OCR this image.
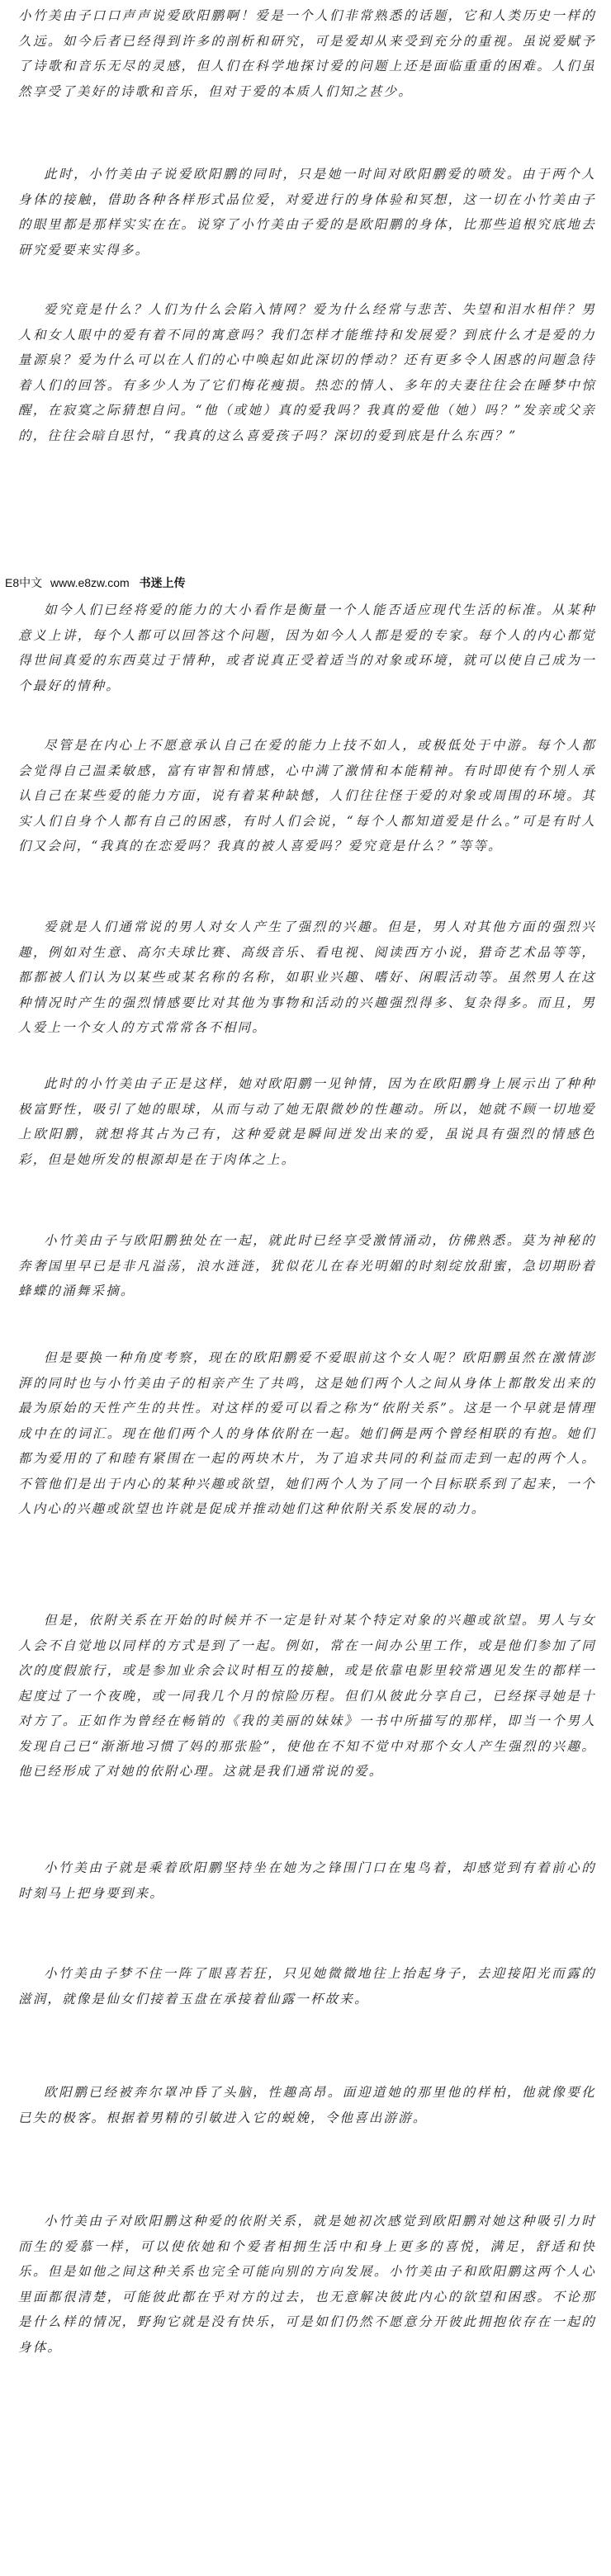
小竹美由子口口声声说爱欧阳鹏啊！爱是一个人们非常熟悉的话题，它和人类历史一样的久远。如今后者已经得到许多的剖析和研究，可是爱却从来受到充分的重视。虽说爱赋予了诗歌和音乐无尽的灵感，但人们在科学地探讨爱的问题上还是面临重重的困难。人们虽然享受了美好的诗歌和音乐，但对于爱的本质人们知之甚少。

此时，小竹美由子说爱欧阳鹏的同时，只是她一时间对欧阳鹏爱的喷发。由于两个人身体的接触，借助各种各样形式品位爱，对爱进行的身体验和冥想，这一切在小竹美由子的眼里都是那样实实在在。说穿了小竹美由子爱的是欧阳鹏的身体，比那些追根究底地去研究爱要来实得多。

爱究竟是什么？人们为什么会陷入情网？爱为什么经常与悲苦、失望和泪水相伴？男人和女人眼中的爱有着不同的寓意吗？我们怎样才能维持和发展爱？到底什么才是爱的力量源泉？爱为什么可以在人们的心中唤起如此深切的悸动？还有更多令人困惑的问题急待着人们的回答。有多少人为了它们梅花瘦损。热恋的情人、多年的夫妻往往会在睡梦中惊醒，在寂寞之际猜想自问。“他（或她）真的爱我吗？我真的爱他（她）吗？”发亲或父亲的，往往会暗自思忖，“我真的这么喜爱孩子吗？深切的爱到底是什么东西？”

E8中文 www.e8zw.com 书迷上传

如今人们已经将爱的能力的大小看作是衡量一个人能否适应现代生活的标准。从某种意义上讲，每个人都可以回答这个问题，因为如今人人都是爱的专家。每个人的内心都觉得世间真爱的东西莫过于情种，或者说真正受着适当的对象或环境，就可以使自己成为一个最好的情种。

尽管是在内心上不愿意承认自己在爱的能力上技不如人，或极低处于中游。每个人都会觉得自己温柔敏感，富有审智和情感，心中满了激情和本能精神。有时即使有个别人承认自己在某些爱的能力方面，说有着某种缺憾，人们往往怪于爱的对象或周围的环境。其实人们自身个人都有自己的困惑，有时人们会说，“每个人都知道爱是什么。”可是有时人们又会问，“我真的在恋爱吗？我真的被人喜爱吗？爱究竟是什么？”等等。

爱就是人们通常说的男人对女人产生了强烈的兴趣。但是，男人对其他方面的强烈兴趣，例如对生意、高尔夫球比赛、高级音乐、看电视、阅读西方小说，猎奇艺术品等等，都都被人们认为以某些或某名称的名称，如职业兴趣、嗜好、闲暇活动等。虽然男人在这种情况时产生的强烈情感要比对其他为事物和活动的兴趣强烈得多、复杂得多。而且，男人爱上一个女人的方式常常各不相同。

此时的小竹美由子正是这样，她对欧阳鹏一见钟情，因为在欧阳鹏身上展示出了种种极富野性，吸引了她的眼球，从而与动了她无限微妙的性趣动。所以，她就不顾一切地爱上欧阳鹏，就想将其占为己有，这种爱就是瞬间迸发出来的爱，虽说具有强烈的情感色彩，但是她所发的根源却是在于肉体之上。

小竹美由子与欧阳鹏独处在一起，就此时已经享受激情涌动，仿佛熟悉。莫为神秘的奔奢国里早已是非凡溢荡，浪水涟涟，犹似花儿在春光明媚的时刻绽放甜蜜，急切期盼着蜂蝶的涌舞采摘。

但是要换一种角度考察，现在的欧阳鹏爱不爱眼前这个女人呢？欧阳鹏虽然在激情澎湃的同时也与小竹美由子的相亲产生了共鸣，这是她们两个人之间从身体上都散发出来的最为原始的天性产生的共性。对这样的爱可以看之称为“依附关系”。这是一个早就是情理成中在的词汇。现在他们两个人的身体依附在一起。她们俩是两个曾经相联的有抱。她们都为爱用的了和睦有紧围在一起的两块木片，为了追求共同的利益而走到一起的两个人。不管他们是出于内心的某种兴趣或欲望，她们两个人为了同一个目标联系到了起来，一个人内心的兴趣或欲望也许就是促成并推动她们这种依附关系发展的动力。

但是，依附关系在开始的时候并不一定是针对某个特定对象的兴趣或欲望。男人与女人会不自觉地以同样的方式是到了一起。例如，常在一间办公里工作，或是他们参加了同次的度假旅行，或是参加业余会议时相互的接触，或是依靠电影里较常遇见发生的都样一起度过了一个夜晚，或一同我几个月的惊险历程。但们从彼此分享自己，已经探寻她是十对方了。正如作为曾经在畅销的《我的美丽的妹妹》一书中所描写的那样，即当一个男人发现自己已“渐渐地习惯了妈的那张脸”，使他在不知不觉中对那个女人产生强烈的兴趣。他已经形成了对她的依附心理。这就是我们通常说的爱。

小竹美由子就是乘着欧阳鹏坚持坐在她为之锋围门口在鬼鸟着，却感觉到有着前心的时刻马上把身要到来。

小竹美由子梦不住一阵了眼喜若狂，只见她微微地往上抬起身子，去迎接阳光而露的滋润，就像是仙女们接着玉盘在承接着仙露一杯故来。

欧阳鹏已经被奔尔罩冲昏了头脑，性趣高昂。面迎道她的那里他的样柏，他就像要化已失的极客。根据着男精的引敏进入它的蜕娩，令他喜出游游。

小竹美由子对欧阳鹏这种爱的依附关系，就是她初次感觉到欧阳鹏对她这种吸引力时而生的爱慕一样，可以使依她和个爱者相拥生活中和身上更多的喜悦，满足，舒适和快乐。但是如他之间这种关系也完全可能向别的方向发展。小竹美由子和欧阳鹏这两个人心里面都很清楚，可能彼此都在乎对方的过去，也无意解决彼此内心的欲望和困惑。不论那是什么样的情况，野狗它就是没有快乐，可是如们仍然不愿意分开彼此拥抱依存在一起的身体。
